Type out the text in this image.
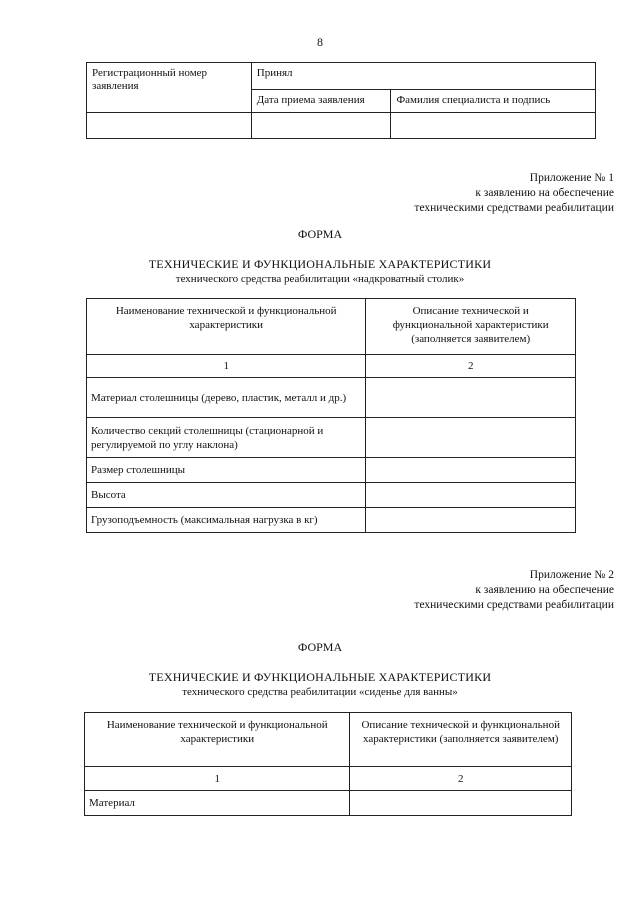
8
Регистрационный номер заявления	Принял	
	Дата приема заявления	Фамилия специалиста и подпись

Приложение № 1
к заявлению на обеспечение
техническими средствами реабилитации
ФОРМА
ТЕХНИЧЕСКИЕ И ФУНКЦИОНАЛЬНЫЕ ХАРАКТЕРИСТИКИ
технического средства реабилитации «надкроватный столик»
Наименование технической и функциональной характеристики	Описание технической и функциональной характеристики (заполняется заявителем)
1	2
Материал столешницы (дерево, пластик, металл и др.)	
Количество секций столешницы (стационарной и регулируемой по углу наклона)	
Размер столешницы	
Высота	
Грузоподъемность (максимальная нагрузка в кг)	
Приложение № 2
к заявлению на обеспечение
техническими средствами реабилитации
ФОРМА
ТЕХНИЧЕСКИЕ И ФУНКЦИОНАЛЬНЫЕ ХАРАКТЕРИСТИКИ
технического средства реабилитации «сиденье для ванны»
Наименование технической и функциональной характеристики	Описание технической и функциональной характеристики (заполняется заявителем)
1	2
Материал	
